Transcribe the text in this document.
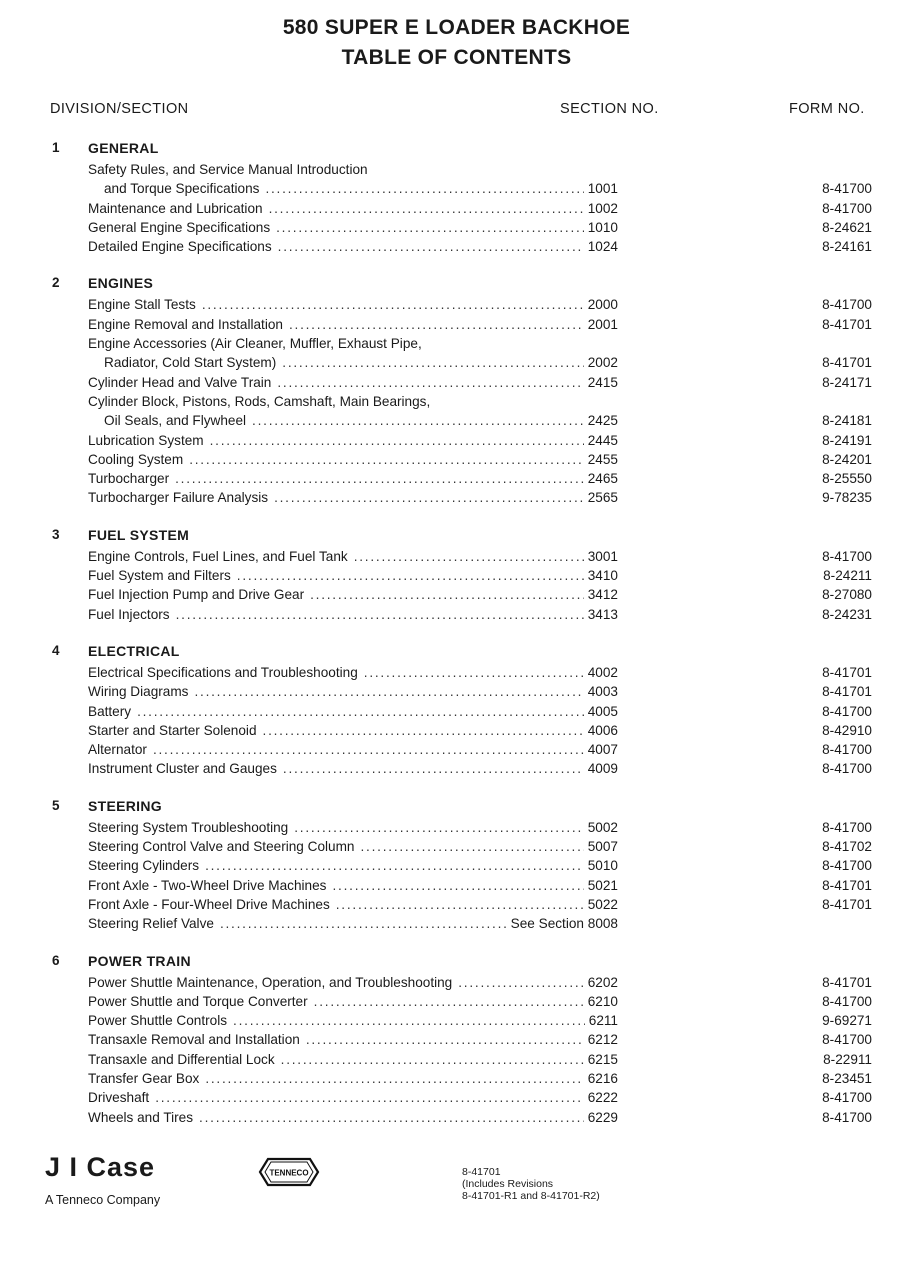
580 SUPER E LOADER BACKHOE
TABLE OF CONTENTS
DIVISION/SECTION	SECTION NO.	FORM NO.
1 GENERAL
Safety Rules, and Service Manual Introduction
and Torque Specifications . . .	1001	8-41700
Maintenance and Lubrication . . .	1002	8-41700
General Engine Specifications . . .	1010	8-24621
Detailed Engine Specifications . . .	1024	8-24161
2 ENGINES
Engine Stall Tests . . .	2000	8-41700
Engine Removal and Installation . . .	2001	8-41701
Engine Accessories (Air Cleaner, Muffler, Exhaust Pipe,
Radiator, Cold Start System) . . .	2002	8-41701
Cylinder Head and Valve Train . . .	2415	8-24171
Cylinder Block, Pistons, Rods, Camshaft, Main Bearings,
Oil Seals, and Flywheel . . .	2425	8-24181
Lubrication System . . .	2445	8-24191
Cooling System . . .	2455	8-24201
Turbocharger . . .	2465	8-25550
Turbocharger Failure Analysis . . .	2565	9-78235
3 FUEL SYSTEM
Engine Controls, Fuel Lines, and Fuel Tank . . .	3001	8-41700
Fuel System and Filters . . .	3410	8-24211
Fuel Injection Pump and Drive Gear . . .	3412	8-27080
Fuel Injectors . . .	3413	8-24231
4 ELECTRICAL
Electrical Specifications and Troubleshooting . . .	4002	8-41701
Wiring Diagrams . . .	4003	8-41701
Battery . . .	4005	8-41700
Starter and Starter Solenoid . . .	4006	8-42910
Alternator . . .	4007	8-41700
Instrument Cluster and Gauges . . .	4009	8-41700
5 STEERING
Steering System Troubleshooting . . .	5002	8-41700
Steering Control Valve and Steering Column . . .	5007	8-41702
Steering Cylinders . . .	5010	8-41700
Front Axle - Two-Wheel Drive Machines . . .	5021	8-41701
Front Axle - Four-Wheel Drive Machines . . .	5022	8-41701
Steering Relief Valve . . .	See Section 8008
6 POWER TRAIN
Power Shuttle Maintenance, Operation, and Troubleshooting . . .	6202	8-41701
Power Shuttle and Torque Converter . . .	6210	8-41700
Power Shuttle Controls . . .	6211	9-69271
Transaxle Removal and Installation . . .	6212	8-41700
Transaxle and Differential Lock . . .	6215	8-22911
Transfer Gear Box . . .	6216	8-23451
Driveshaft . . .	6222	8-41700
Wheels and Tires . . .	6229	8-41700
J I Case
A Tenneco Company
TENNECO	8-41701
(Includes Revisions
8-41701-R1 and 8-41701-R2)
